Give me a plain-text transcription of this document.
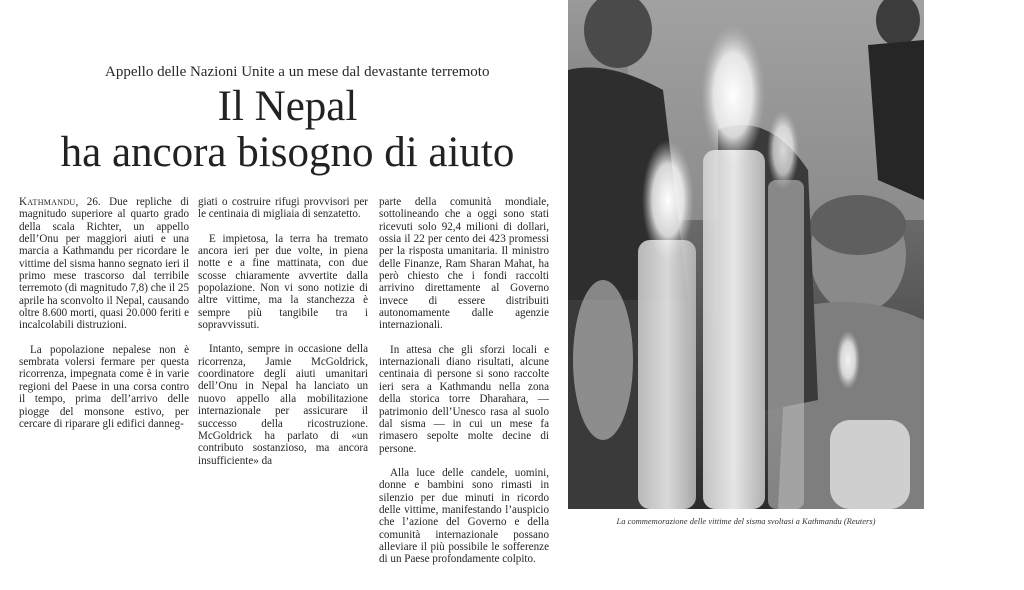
Appello delle Nazioni Unite a un mese dal devastante terremoto
Il Nepal
ha ancora bisogno di aiuto

Kathmandu, 26. Due repliche di magnitudo superiore al quarto grado della scala Richter, un appello dell’Onu per maggiori aiuti e una marcia a Kathmandu per ricordare le vittime del sisma hanno segnato ieri il primo mese trascorso dal terribile terremoto (di magnitudo 7,8) che il 25 aprile ha sconvolto il Nepal, causando oltre 8.600 morti, quasi 20.000 feriti e incalcolabili distruzioni.

La popolazione nepalese non è sembrata volersi fermare per questa ricorrenza, impegnata come è in varie regioni del Paese in una corsa contro il tempo, prima dell’arrivo delle piogge del monsone estivo, per cercare di riparare gli edifici danneg-

giati o costruire rifugi provvisori per le centinaia di migliaia di senzatetto.

E impietosa, la terra ha tremato ancora ieri per due volte, in piena notte e a fine mattinata, con due scosse chiaramente avvertite dalla popolazione. Non vi sono notizie di altre vittime, ma la stanchezza è sempre più tangibile tra i sopravvissuti.

Intanto, sempre in occasione della ricorrenza, Jamie McGoldrick, coordinatore degli aiuti umanitari dell’Onu in Nepal ha lanciato un nuovo appello alla mobilitazione internazionale per assicurare il successo della ricostruzione. McGoldrick ha parlato di «un contributo sostanzioso, ma ancora insufficiente» da

parte della comunità mondiale, sottolineando che a oggi sono stati ricevuti solo 92,4 milioni di dollari, ossia il 22 per cento dei 423 promessi per la risposta umanitaria. Il ministro delle Finanze, Ram Sharan Mahat, ha però chiesto che i fondi raccolti arrivino direttamente al Governo invece di essere distribuiti autonomamente dalle agenzie internazionali.

In attesa che gli sforzi locali e internazionali diano risultati, alcune centinaia di persone si sono raccolte ieri sera a Kathmandu nella zona della storica torre Dharahara, — patrimonio dell’Unesco rasa al suolo dal sisma — in cui un mese fa rimasero sepolte molte decine di persone.

Alla luce delle candele, uomini, donne e bambini sono rimasti in silenzio per due minuti in ricordo delle vittime, manifestando l’auspicio che l’azione del Governo e della comunità internazionale possano alleviare il più possibile le sofferenze di un Paese profondamente colpito.

La commemorazione delle vittime del sisma svoltasi a Kathmandu (Reuters)
